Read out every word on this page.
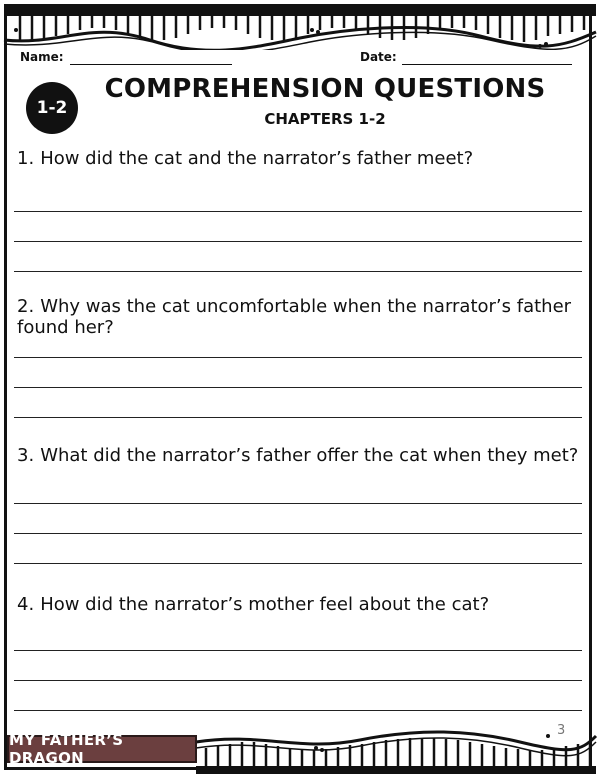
Name:	Date:
1-2
COMPREHENSION QUESTIONS
CHAPTERS 1-2
1. How did the cat and the narrator’s father meet?
2. Why was the cat uncomfortable when the narrator’s father found her?
3. What did the narrator’s father offer the cat when they met?
4. How did the narrator’s mother feel about the cat?
3
MY FATHER’S DRAGON
